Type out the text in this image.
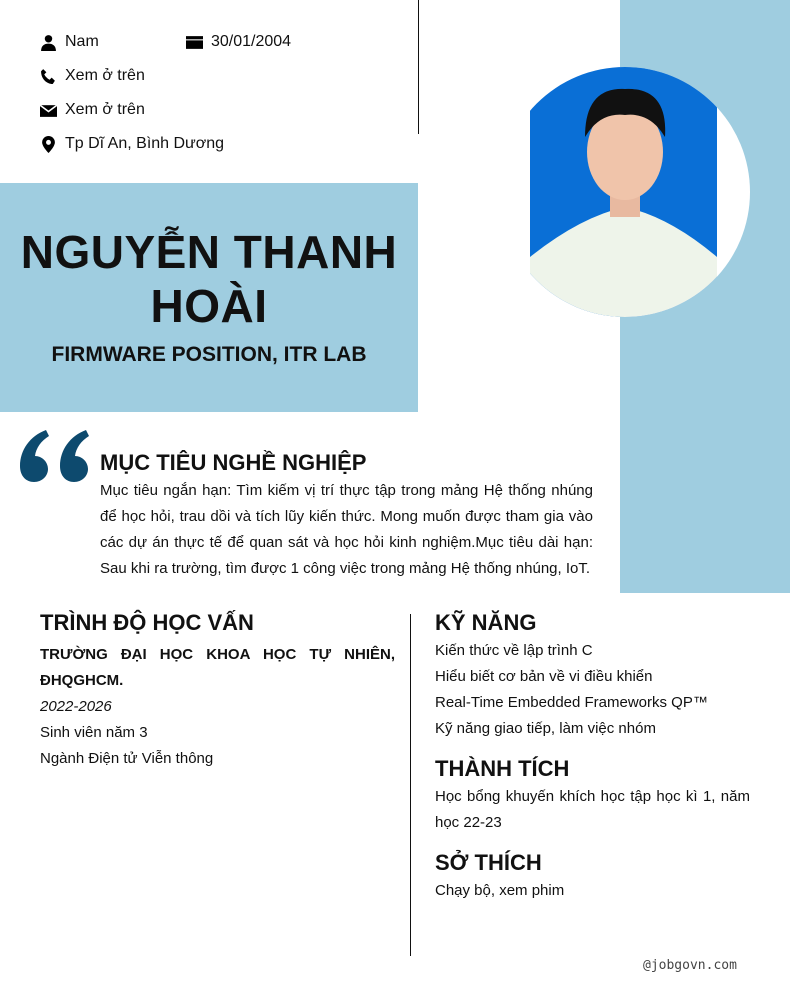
Nam	30/01/2004
Xem ở trên
Xem ở trên
Tp Dĩ An, Bình Dương
NGUYỄN THANH HOÀI
FIRMWARE POSITION, ITR LAB
MỤC TIÊU NGHỀ NGHIỆP

Mục tiêu ngắn hạn: Tìm kiếm vị trí thực tập trong mảng Hệ thống nhúng để học hỏi, trau dồi và tích lũy kiến thức. Mong muốn được tham gia vào các dự án thực tế để quan sát và học hỏi kinh nghiệm.Mục tiêu dài hạn: Sau khi ra trường, tìm được 1 công việc trong mảng Hệ thống nhúng, IoT.

TRÌNH ĐỘ HỌC VẤN
TRƯỜNG ĐẠI HỌC KHOA HỌC TỰ NHIÊN, ĐHQGHCM.
2022-2026
Sinh viên năm 3
Ngành Điện tử Viễn thông
KỸ NĂNG
Kiến thức về lập trình C
Hiểu biết cơ bản về vi điều khiển
Real-Time Embedded Frameworks QP™
Kỹ năng giao tiếp, làm việc nhóm
THÀNH TÍCH
Học bổng khuyến khích học tập học kì 1, năm học 22-23
SỞ THÍCH
Chạy bộ, xem phim
@jobgovn.com
